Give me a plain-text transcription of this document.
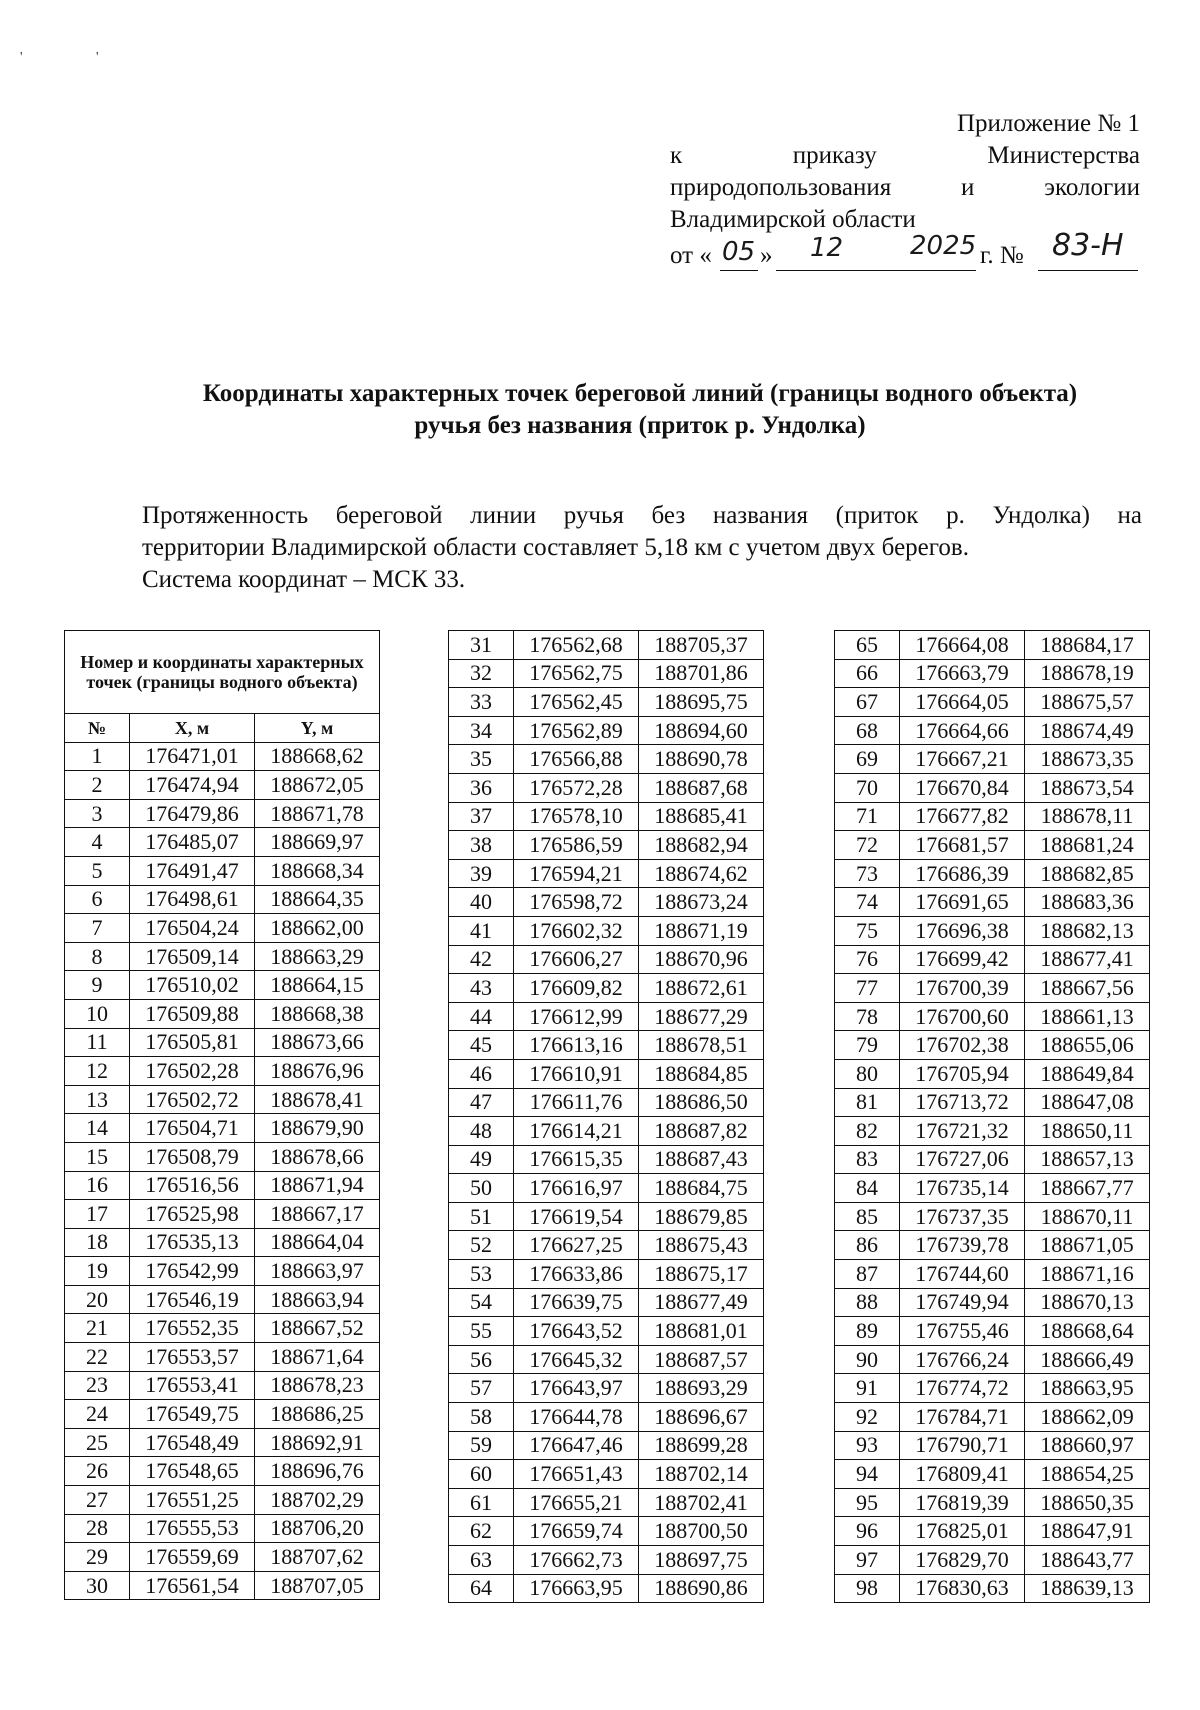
'	'
Приложение № 1
к	приказу	Министерства
природопользования	и	экологии
Владимирской области
от « 05 » 12	2025 г. № 83-Н
Координаты характерных точек береговой линий (границы водного объекта)
ручья без названия (приток р. Ундолка)
Протяженность береговой линии ручья без названия (приток р. Ундолка) на
территории Владимирской области составляет 5,18 км с учетом двух берегов.
Система координат – МСК 33.
Номер и координаты характерных точек (границы водного объекта)		
№	X, м	Y, м
1	176471,01	188668,62
2	176474,94	188672,05
3	176479,86	188671,78
4	176485,07	188669,97
5	176491,47	188668,34
6	176498,61	188664,35
7	176504,24	188662,00
8	176509,14	188663,29
9	176510,02	188664,15
10	176509,88	188668,38
11	176505,81	188673,66
12	176502,28	188676,96
13	176502,72	188678,41
14	176504,71	188679,90
15	176508,79	188678,66
16	176516,56	188671,94
17	176525,98	188667,17
18	176535,13	188664,04
19	176542,99	188663,97
20	176546,19	188663,94
21	176552,35	188667,52
22	176553,57	188671,64
23	176553,41	188678,23
24	176549,75	188686,25
25	176548,49	188692,91
26	176548,65	188696,76
27	176551,25	188702,29
28	176555,53	188706,20
29	176559,69	188707,62
30	176561,54	188707,05
31	176562,68	188705,37
32	176562,75	188701,86
33	176562,45	188695,75
34	176562,89	188694,60
35	176566,88	188690,78
36	176572,28	188687,68
37	176578,10	188685,41
38	176586,59	188682,94
39	176594,21	188674,62
40	176598,72	188673,24
41	176602,32	188671,19
42	176606,27	188670,96
43	176609,82	188672,61
44	176612,99	188677,29
45	176613,16	188678,51
46	176610,91	188684,85
47	176611,76	188686,50
48	176614,21	188687,82
49	176615,35	188687,43
50	176616,97	188684,75
51	176619,54	188679,85
52	176627,25	188675,43
53	176633,86	188675,17
54	176639,75	188677,49
55	176643,52	188681,01
56	176645,32	188687,57
57	176643,97	188693,29
58	176644,78	188696,67
59	176647,46	188699,28
60	176651,43	188702,14
61	176655,21	188702,41
62	176659,74	188700,50
63	176662,73	188697,75
64	176663,95	188690,86
65	176664,08	188684,17
66	176663,79	188678,19
67	176664,05	188675,57
68	176664,66	188674,49
69	176667,21	188673,35
70	176670,84	188673,54
71	176677,82	188678,11
72	176681,57	188681,24
73	176686,39	188682,85
74	176691,65	188683,36
75	176696,38	188682,13
76	176699,42	188677,41
77	176700,39	188667,56
78	176700,60	188661,13
79	176702,38	188655,06
80	176705,94	188649,84
81	176713,72	188647,08
82	176721,32	188650,11
83	176727,06	188657,13
84	176735,14	188667,77
85	176737,35	188670,11
86	176739,78	188671,05
87	176744,60	188671,16
88	176749,94	188670,13
89	176755,46	188668,64
90	176766,24	188666,49
91	176774,72	188663,95
92	176784,71	188662,09
93	176790,71	188660,97
94	176809,41	188654,25
95	176819,39	188650,35
96	176825,01	188647,91
97	176829,70	188643,77
98	176830,63	188639,13
